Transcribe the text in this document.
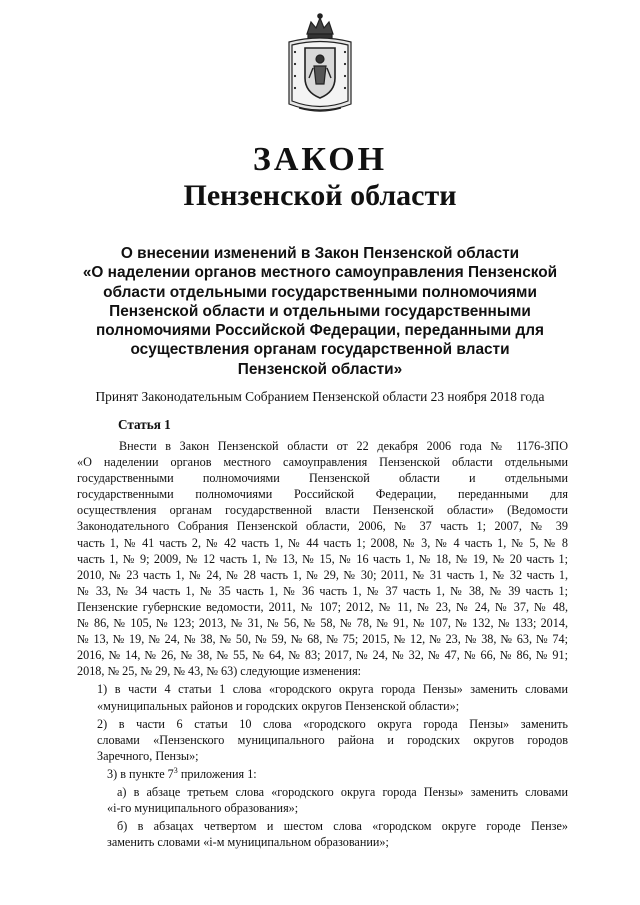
ЗАКОН
Пензенской области
О внесении изменений в Закон Пензенской области
«О наделении органов местного самоуправления Пензенской
области отдельными государственными полномочиями
Пензенской области и отдельными государственными
полномочиями Российской Федерации, переданными для
осуществления органам государственной власти
Пензенской области»
Принят Законодательным Собранием Пензенской области 23 ноября 2018 года
Статья 1
Внести в Закон Пензенской области от 22 декабря 2006 года № 1176-ЗПО
«О наделении органов местного самоуправления Пензенской области отдельными
государственными полномочиями Пензенской области и отдельными
государственными полномочиями Российской Федерации, переданными для
осуществления органам государственной власти Пензенской области» (Ведомости
Законодательного Собрания Пензенской области, 2006, № 37 часть 1; 2007, № 39
часть 1, № 41 часть 2, № 42 часть 1, № 44 часть 1; 2008, № 3, № 4 часть 1, № 5, № 8
часть 1, № 9; 2009, № 12 часть 1, № 13, № 15, № 16 часть 1, № 18, № 19, № 20 часть 1;
2010, № 23 часть 1, № 24, № 28 часть 1, № 29, № 30; 2011, № 31 часть 1, № 32 часть 1,
№ 33, № 34 часть 1, № 35 часть 1, № 36 часть 1, № 37 часть 1, № 38, № 39 часть 1;
Пензенские губернские ведомости, 2011, № 107; 2012, № 11, № 23, № 24, № 37, № 48,
№ 86, № 105, № 123; 2013, № 31, № 56, № 58, № 78, № 91, № 107, № 132, № 133; 2014,
№ 13, № 19, № 24, № 38, № 50, № 59, № 68, № 75; 2015, № 12, № 23, № 38, № 63, № 74;
2016, № 14, № 26, № 38, № 55, № 64, № 83; 2017, № 24, № 32, № 47, № 66, № 86, № 91;
2018, № 25, № 29, № 43, № 63) следующие изменения:
1) в части 4 статьи 1 слова «городского округа города Пензы» заменить словами
«муниципальных районов и городских округов Пензенской области»;
2) в части 6 статьи 10 слова «городского округа города Пензы» заменить
словами «Пензенского муниципального района и городских округов городов
Заречного, Пензы»;
3) в пункте $7^3$ приложения 1:
а) в абзаце третьем слова «городского округа города Пензы» заменить словами
«i-го муниципального образования»;
б) в абзацах четвертом и шестом слова «городском округе городе Пензе»
заменить словами «i-м муниципальном образовании»;
